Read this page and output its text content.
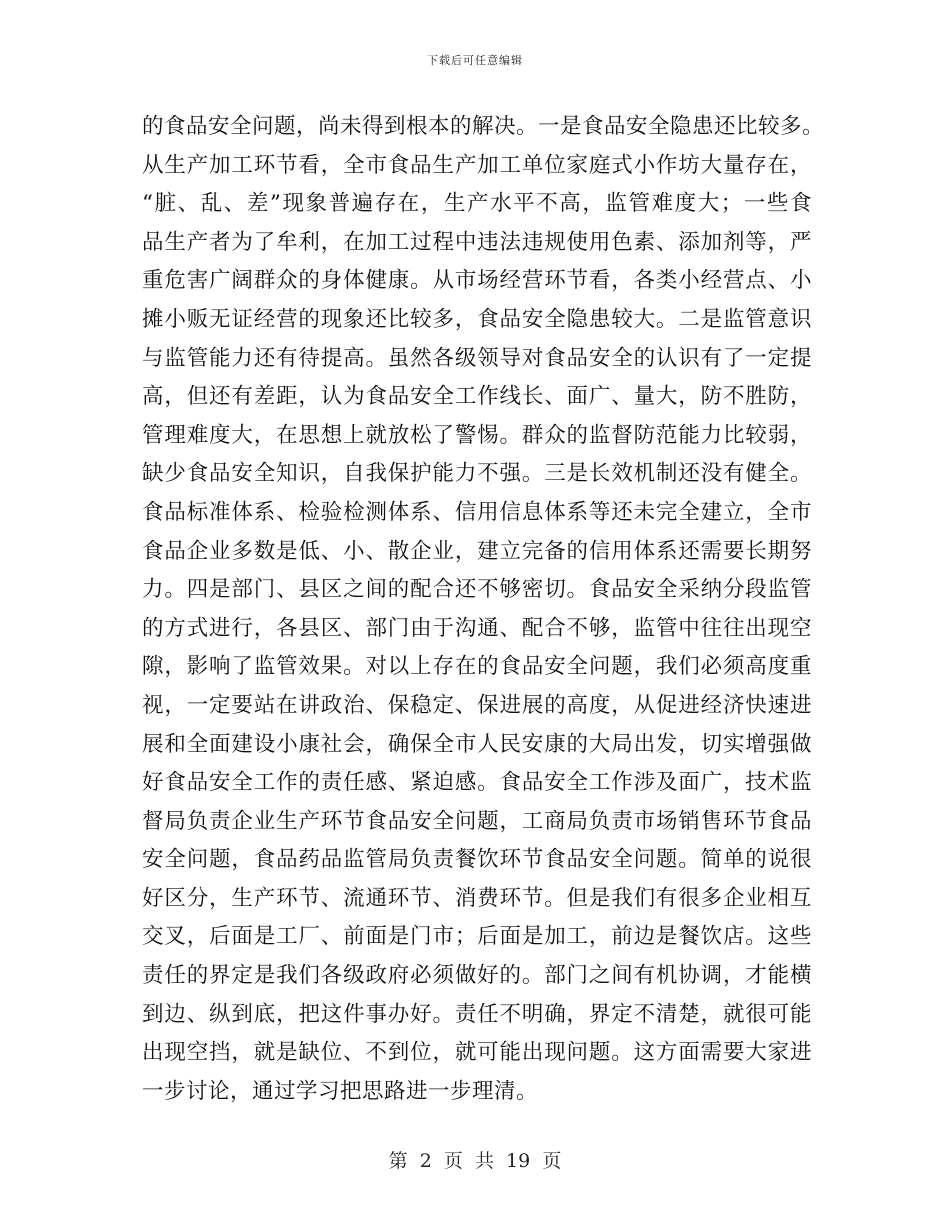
下载后可任意编辑
的食品安全问题，尚未得到根本的解决。一是食品安全隐患还比较多。
从生产加工环节看，全市食品生产加工单位家庭式小作坊大量存在，
“脏、乱、差”现象普遍存在，生产水平不高，监管难度大；一些食
品生产者为了牟利，在加工过程中违法违规使用色素、添加剂等，严
重危害广阔群众的身体健康。从市场经营环节看，各类小经营点、小
摊小贩无证经营的现象还比较多，食品安全隐患较大。二是监管意识
与监管能力还有待提高。虽然各级领导对食品安全的认识有了一定提
高，但还有差距，认为食品安全工作线长、面广、量大，防不胜防，
管理难度大，在思想上就放松了警惕。群众的监督防范能力比较弱，
缺少食品安全知识，自我保护能力不强。三是长效机制还没有健全。
食品标准体系、检验检测体系、信用信息体系等还未完全建立，全市
食品企业多数是低、小、散企业，建立完备的信用体系还需要长期努
力。四是部门、县区之间的配合还不够密切。食品安全采纳分段监管
的方式进行，各县区、部门由于沟通、配合不够，监管中往往出现空
隙，影响了监管效果。对以上存在的食品安全问题，我们必须高度重
视，一定要站在讲政治、保稳定、保进展的高度，从促进经济快速进
展和全面建设小康社会，确保全市人民安康的大局出发，切实增强做
好食品安全工作的责任感、紧迫感。食品安全工作涉及面广，技术监
督局负责企业生产环节食品安全问题，工商局负责市场销售环节食品
安全问题，食品药品监管局负责餐饮环节食品安全问题。简单的说很
好区分，生产环节、流通环节、消费环节。但是我们有很多企业相互
交叉，后面是工厂、前面是门市；后面是加工，前边是餐饮店。这些
责任的界定是我们各级政府必须做好的。部门之间有机协调，才能横
到边、纵到底，把这件事办好。责任不明确，界定不清楚，就很可能
出现空挡，就是缺位、不到位，就可能出现问题。这方面需要大家进
一步讨论，通过学习把思路进一步理清。
第  2  页  共  19  页
